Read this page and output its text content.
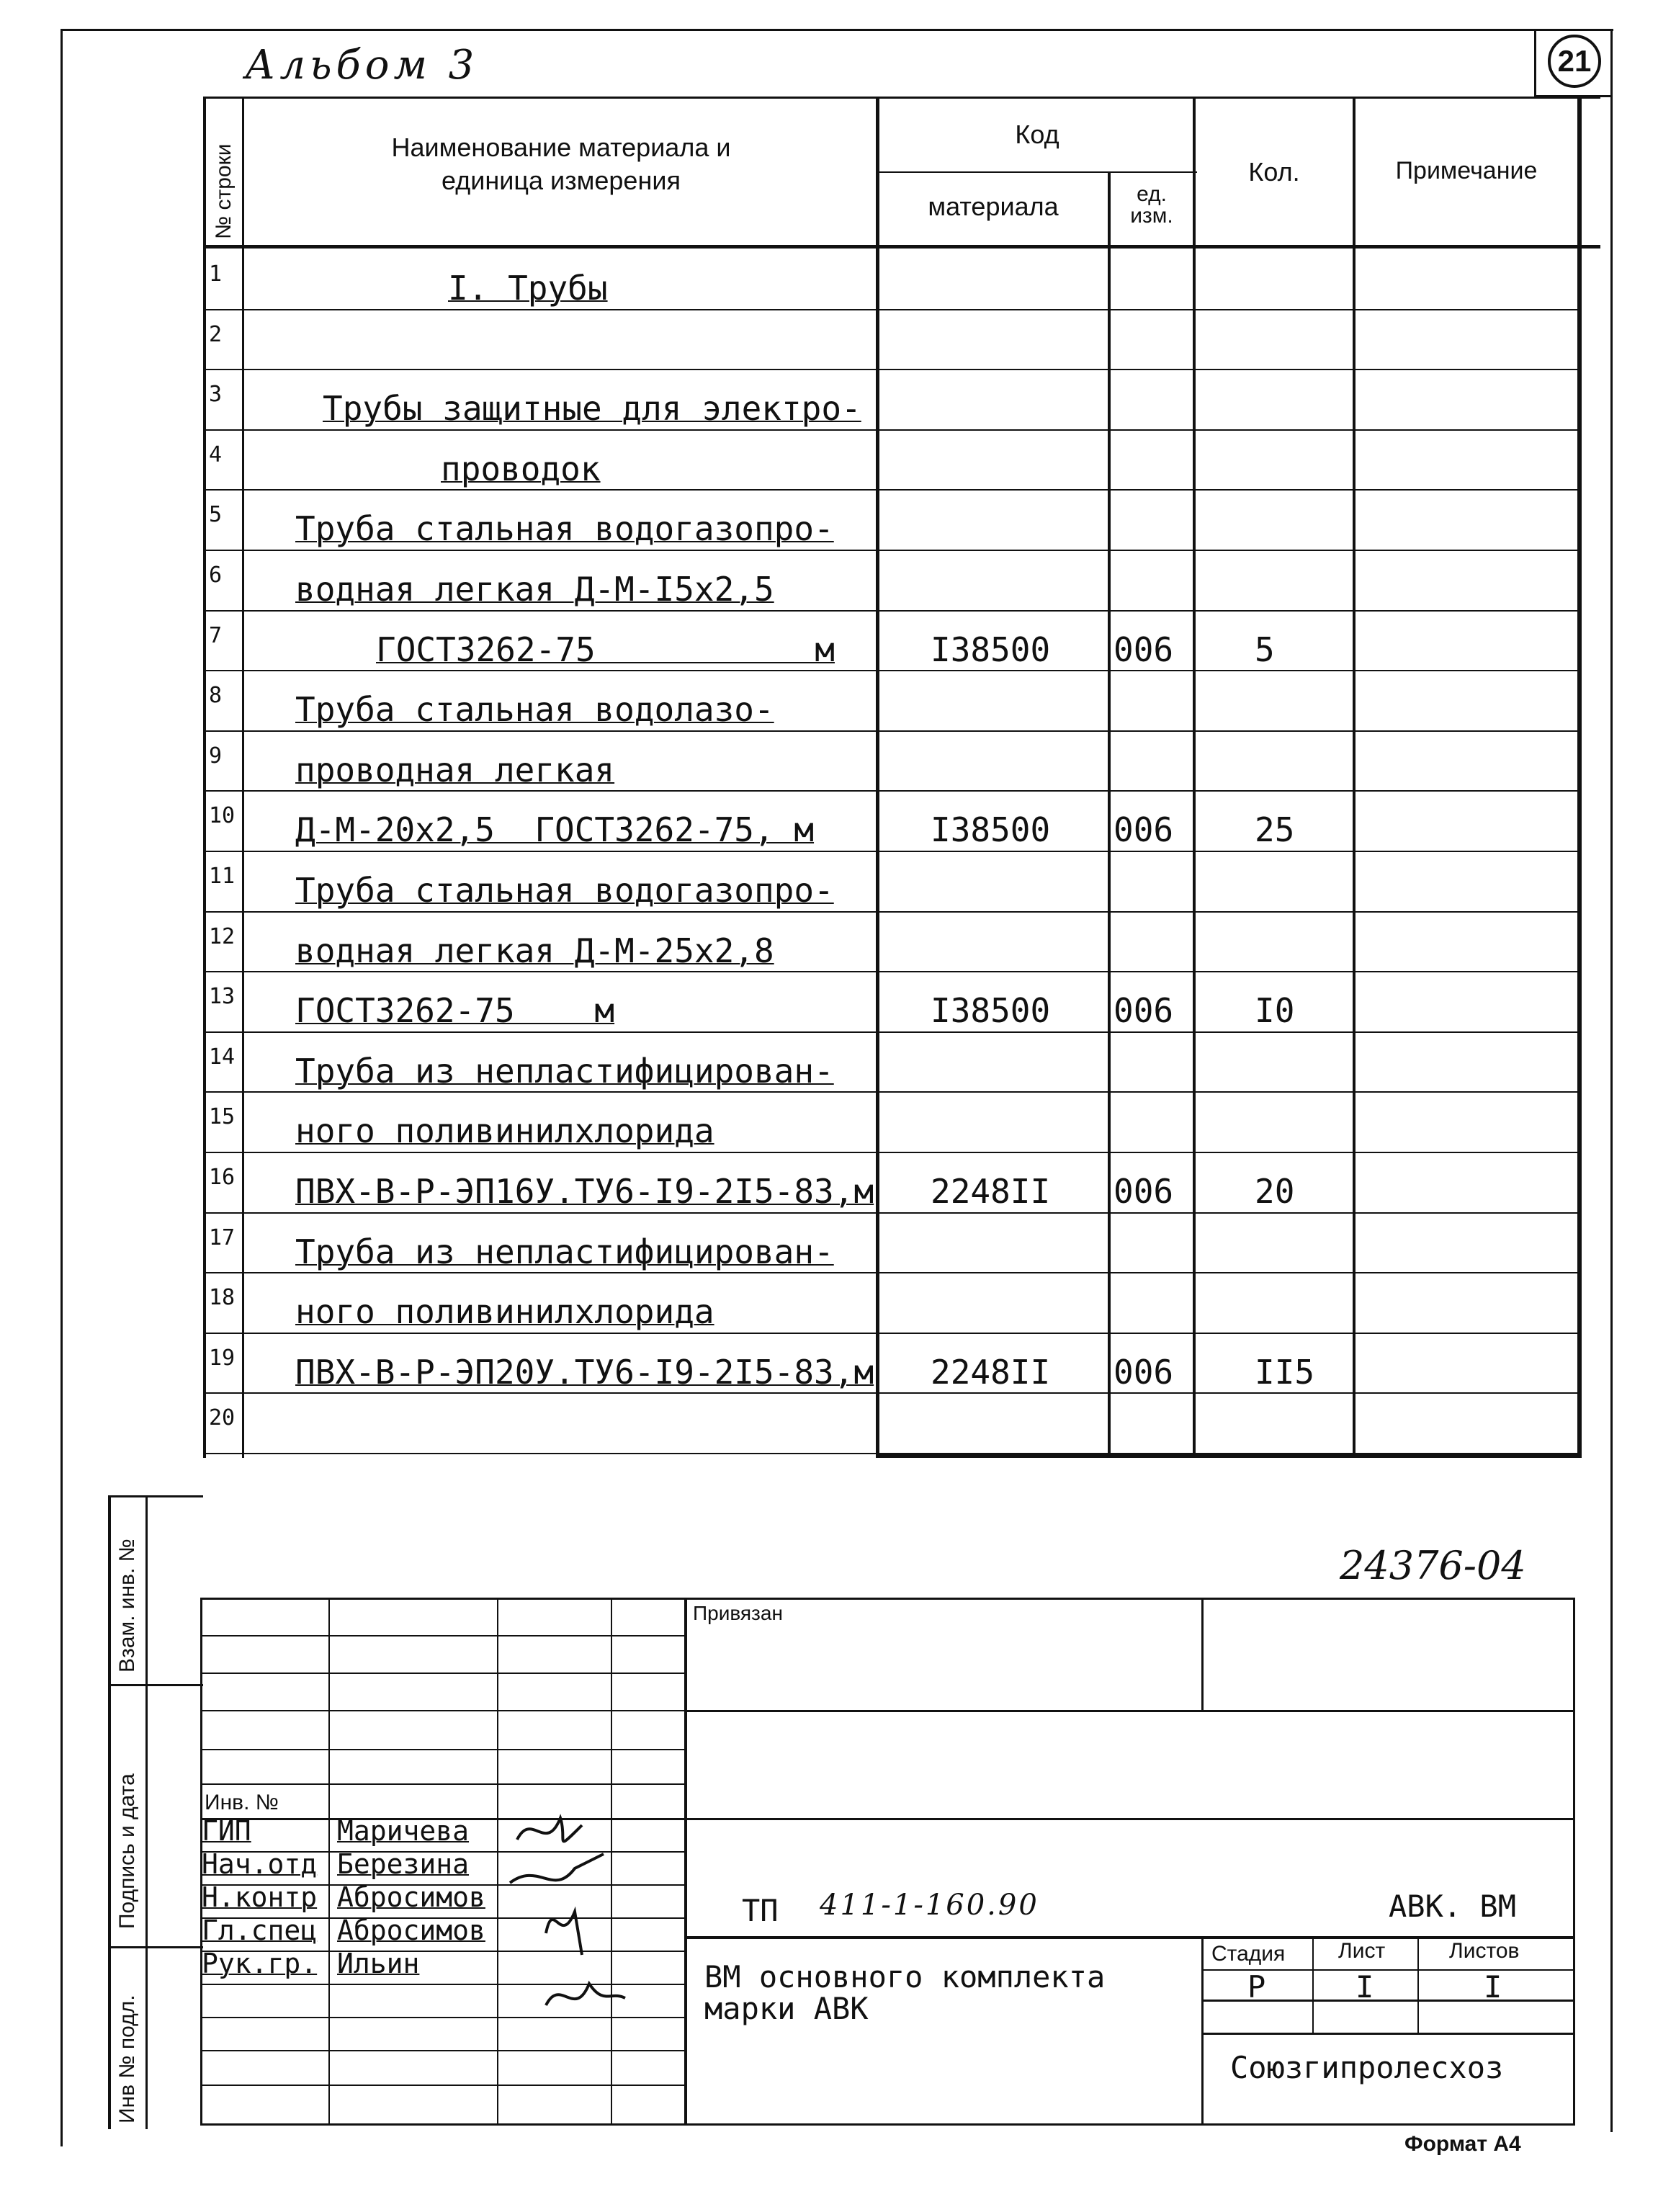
Альбом 3	21
№ строки	Наименование материала и
единица измерения
Код
материала	ед.
изм.
Кол.	Примечание
1	I. Трубы
2
3	Трубы защитные для электро-
4	проводок
5 Труба стальная водогазопро-
6 водная легкая Д-М-I5x2,5
7	ГОСТ3262-75           м	I38500 006 5
8 Труба стальная водолазо-
9 проводная легкая
10 Д-М-20x2,5  ГОСТ3262-75, м	I38500 006 25
11 Труба стальная водогазопро-
12 водная легкая Д-М-25x2,8
13 ГОСТ3262-75    м	I38500 006 I0
14 Труба из непластифицирован-
15 ного поливинилхлорида
16 ПВХ-В-Р-ЭП16У.ТУ6-I9-2I5-83,м 2248II 006 20
17 Труба из непластифицирован-
18 ного поливинилхлорида
19 ПВХ-В-Р-ЭП20У.ТУ6-I9-2I5-83,м 2248II 006 II5
20
24376-04
Взам. инв. №
Подпись и дата
Инв № подл.
Привязан
Инв. №
ГИП	Маричева
Нач.отд Березина
Н.контр Абросимов
Гл.спец Абросимов
Рук.гр. Ильин
ТП 411-1-160.90	АВК. ВМ
ВМ основного комплекта
марки АВК
Стадия Лист	Листов
Р	I	I
Союзгипролесхоз
Формат А4
